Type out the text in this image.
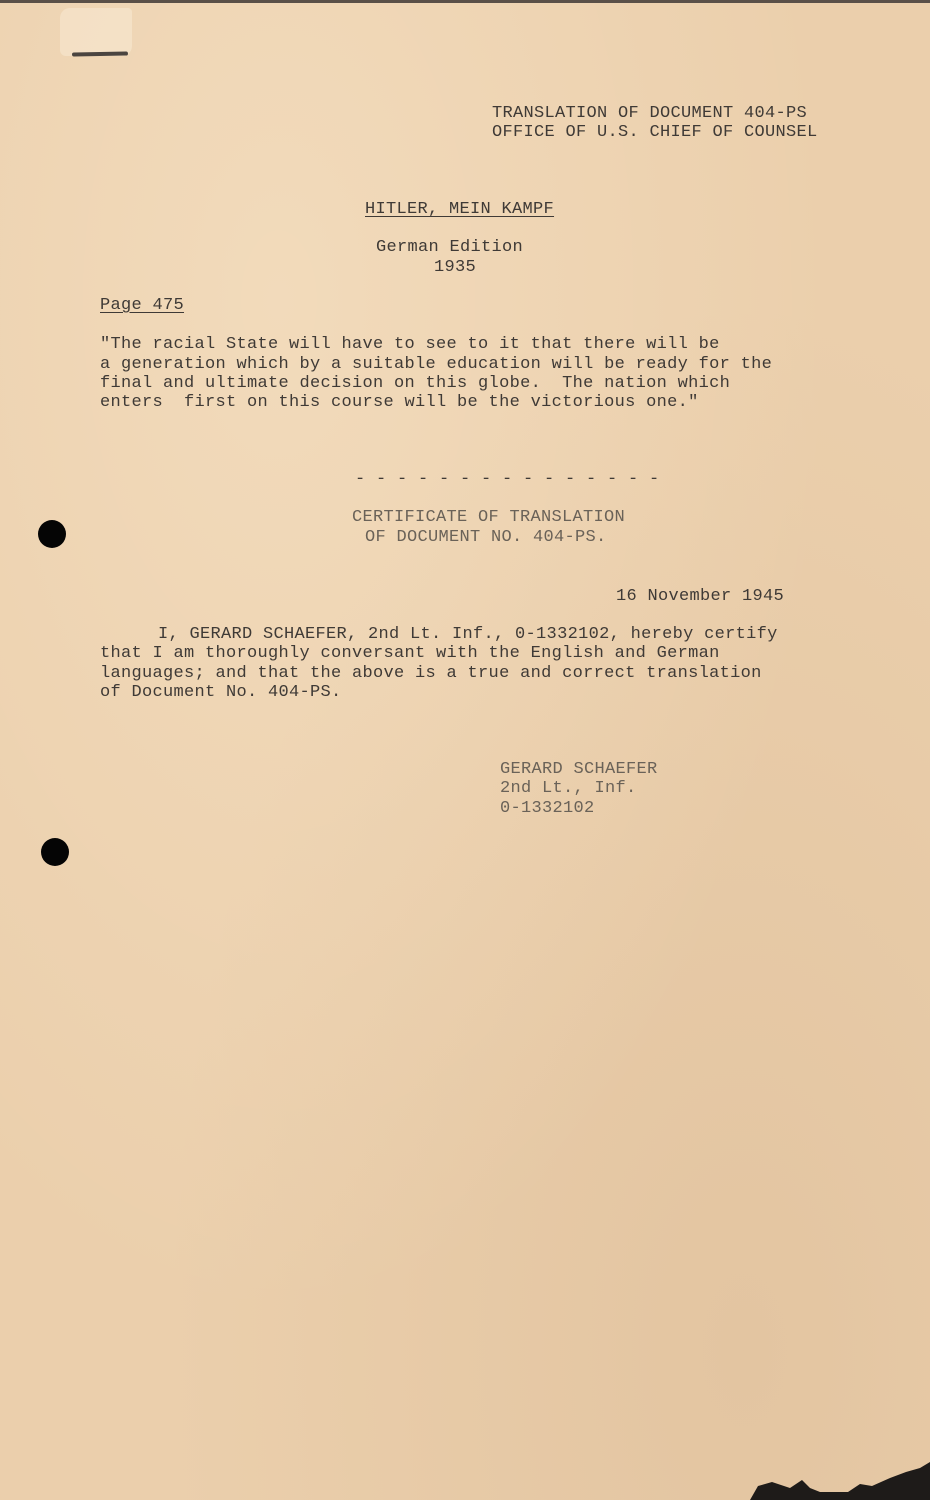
TRANSLATION OF DOCUMENT 404-PS
OFFICE OF U.S. CHIEF OF COUNSEL
HITLER, MEIN KAMPF
German Edition
1935
Page 475
"The racial State will have to see to it that there will be
a generation which by a suitable education will be ready for the
final and ultimate decision on this globe.  The nation which
enters  first on this course will be the victorious one."
- - - - - - - - - - - - - - -
CERTIFICATE OF TRANSLATION
OF DOCUMENT NO. 404-PS.
16 November 1945
I, GERARD SCHAEFER, 2nd Lt. Inf., 0-1332102, hereby certify
that I am thoroughly conversant with the English and German
languages; and that the above is a true and correct translation
of Document No. 404-PS.
GERARD SCHAEFER
2nd Lt., Inf.
0-1332102
